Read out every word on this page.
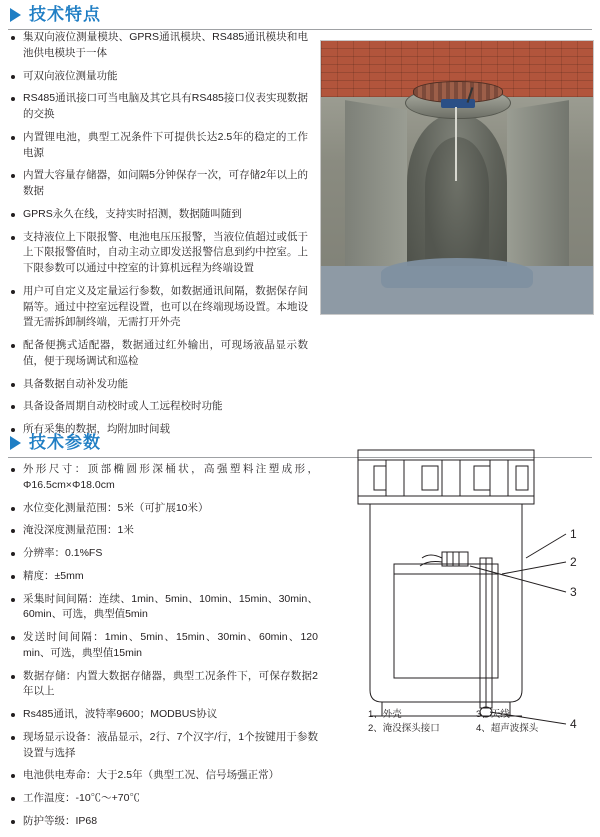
技术特点
集双向液位测量模块、GPRS通讯模块、RS485通讯模块和电池供电模块于一体
可双向液位测量功能
RS485通讯接口可当电脑及其它具有RS485接口仪表实现数据的交换
内置锂电池，典型工况条件下可提供长达2.5年的稳定的工作电源
内置大容量存储器，如问隔5分钟保存一次，可存储2年以上的数据
GPRS永久在线，支持实时招测，数据随叫随到
支持液位上下限报警、电池电压压报警，当液位值超过或低于上下限报警值时，自动主动立即发送报警信息到约中控室。上下限参数可以通过中控室的计算机远程为终端设置
用户可自定义及定量运行参数，如数据通讯间隔，数据保存间隔等。通过中控室远程设置，也可以在终端现场设置。本地设置无需拆卸制终端，无需打开外壳
配备便携式适配器，数据通过红外输出，可现场液晶显示数值，便于现场调试和巡检
具备数据自动补发功能
具备设备周期自动校时或人工远程校时功能
所有采集的数据，均附加时间载
技术参数
外形尺寸：顶部椭圆形深桶状，高强塑料注塑成形，Φ16.5cm×Φ18.0cm
水位变化测量范围：5米（可扩展10米）
淹没深度测量范围：1米
分辨率：0.1%FS
精度：±5mm
采集时间间隔：连续、1min、5min、10min、15min、30min、60min、可选，典型值5min
发送时间间隔：1min、5min、15min、30min、60min、120 min、可选，典型值15min
数据存储：内置大数据存储器，典型工况条件下，可保存数据2年以上
Rs485通讯，波特率9600；MODBUS协议
现场显示设备：液晶显示，2行、7个汉字/行，1个按键用于参数设置与选择
电池供电寿命：大于2.5年（典型工况、信号场强正常）
工作温度：-10℃～+70℃
防护等级：IP68
1
2
3
4
1、外壳	3、天线
2、淹没探头接口	4、超声波探头
